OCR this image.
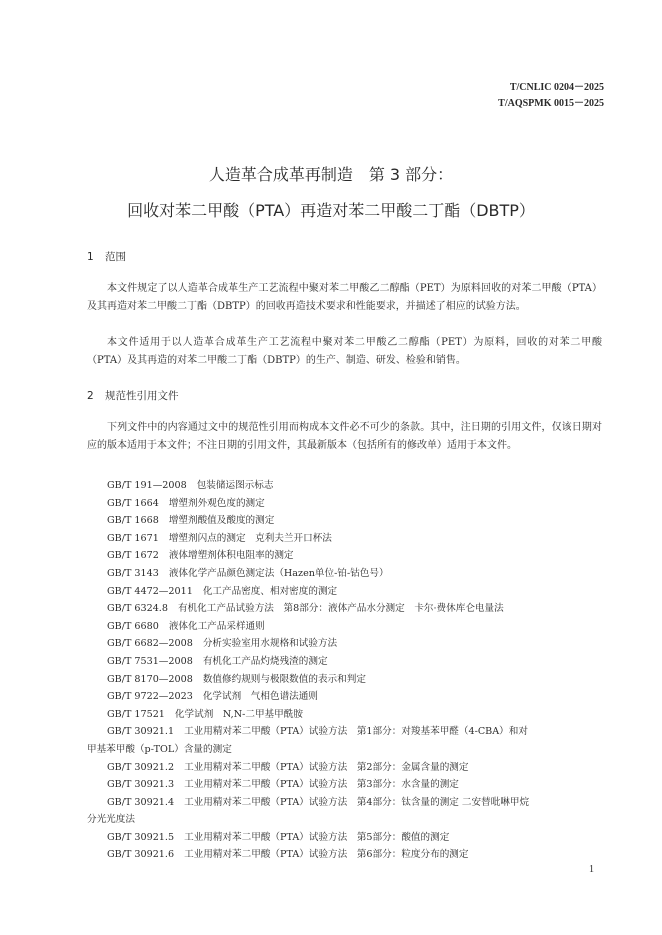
T/CNLIC 0204－2025
T/AQSPMK 0015－2025
人造革合成革再制造　第 3 部分：
回收对苯二甲酸（PTA）再造对苯二甲酸二丁酯（DBTP）
1 范围

本文件规定了以人造革合成革生产工艺流程中聚对苯二甲酸乙二醇酯（PET）为原料回收的对苯二甲酸（PTA）及其再造对苯二甲酸二丁酯（DBTP）的回收再造技术要求和性能要求，并描述了相应的试验方法。

本文件适用于以人造革合成革生产工艺流程中聚对苯二甲酸乙二醇酯（PET）为原料，回收的对苯二甲酸（PTA）及其再造的对苯二甲酸二丁酯（DBTP）的生产、制造、研发、检验和销售。

2 规范性引用文件

下列文件中的内容通过文中的规范性引用而构成本文件必不可少的条款。其中，注日期的引用文件，仅该日期对应的版本适用于本文件；不注日期的引用文件，其最新版本（包括所有的修改单）适用于本文件。

GB/T 191—2008 包装储运图示标志
GB/T 1664 增塑剂外观色度的测定
GB/T 1668 增塑剂酸值及酸度的测定
GB/T 1671 增塑剂闪点的测定　克利夫兰开口杯法
GB/T 1672 液体增塑剂体积电阻率的测定
GB/T 3143 液体化学产品颜色测定法（Hazen单位-铂-钴色号）
GB/T 4472—2011 化工产品密度、相对密度的测定
GB/T 6324.8 有机化工产品试验方法　第8部分：液体产品水分测定　卡尔·费休库仑电量法
GB/T 6680 液体化工产品采样通则
GB/T 6682—2008 分析实验室用水规格和试验方法
GB/T 7531—2008 有机化工产品灼烧残渣的测定
GB/T 8170—2008 数值修约规则与极限数值的表示和判定
GB/T 9722—2023 化学试剂　气相色谱法通则
GB/T 17521 化学试剂　N,N-二甲基甲酰胺
GB/T 30921.1 工业用精对苯二甲酸（PTA）试验方法　第1部分：对羧基苯甲醛（4-CBA）和对
甲基苯甲酸（p-TOL）含量的测定
GB/T 30921.2 工业用精对苯二甲酸（PTA）试验方法　第2部分：金属含量的测定
GB/T 30921.3 工业用精对苯二甲酸（PTA）试验方法　第3部分：水含量的测定
GB/T 30921.4 工业用精对苯二甲酸（PTA）试验方法　第4部分：钛含量的测定 二安替吡啉甲烷
分光光度法
GB/T 30921.5 工业用精对苯二甲酸（PTA）试验方法　第5部分：酸值的测定
GB/T 30921.6 工业用精对苯二甲酸（PTA）试验方法　第6部分：粒度分布的测定
1
